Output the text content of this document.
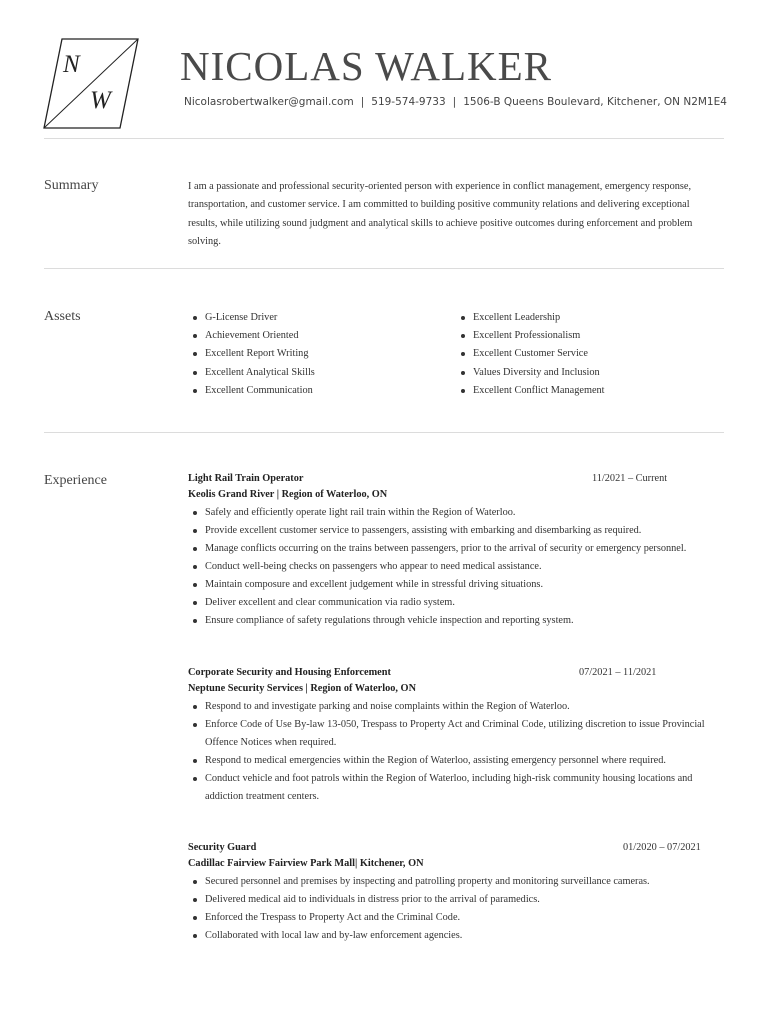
N
W
NICOLAS WALKER
Nicolasrobertwalker@gmail.com | 519-574-9733 | 1506-B Queens Boulevard, Kitchener, ON N2M1E4
Summary	I am a passionate and professional security-oriented person with experience in conflict management, emergency response, transportation, and customer service. I am committed to building positive community relations and delivering exceptional results, while utilizing sound judgment and analytical skills to achieve positive outcomes during enforcement and problem solving.
Assets	G-License Driver
Achievement Oriented
Excellent Report Writing
Excellent Analytical Skills
Excellent Communication
Excellent Leadership
Excellent Professionalism
Excellent Customer Service
Values Diversity and Inclusion
Excellent Conflict Management
Experience	Light Rail Train Operator	11/2021 – Current
Keolis Grand River | Region of Waterloo, ON
Safely and efficiently operate light rail train within the Region of Waterloo.
Provide excellent customer service to passengers, assisting with embarking and disembarking as required.
Manage conflicts occurring on the trains between passengers, prior to the arrival of security or emergency personnel.
Conduct well-being checks on passengers who appear to need medical assistance.
Maintain composure and excellent judgement while in stressful driving situations.
Deliver excellent and clear communication via radio system.
Ensure compliance of safety regulations through vehicle inspection and reporting system.
Corporate Security and Housing Enforcement	07/2021 – 11/2021
Neptune Security Services | Region of Waterloo, ON
Respond to and investigate parking and noise complaints within the Region of Waterloo.
Enforce Code of Use By-law 13-050, Trespass to Property Act and Criminal Code, utilizing discretion to issue Provincial Offence Notices when required.
Respond to medical emergencies within the Region of Waterloo, assisting emergency personnel where required.
Conduct vehicle and foot patrols within the Region of Waterloo, including high-risk community housing locations and addiction treatment centers.
Security Guard	01/2020 – 07/2021
Cadillac Fairview Fairview Park Mall| Kitchener, ON
Secured personnel and premises by inspecting and patrolling property and monitoring surveillance cameras.
Delivered medical aid to individuals in distress prior to the arrival of paramedics.
Enforced the Trespass to Property Act and the Criminal Code.
Collaborated with local law and by-law enforcement agencies.
